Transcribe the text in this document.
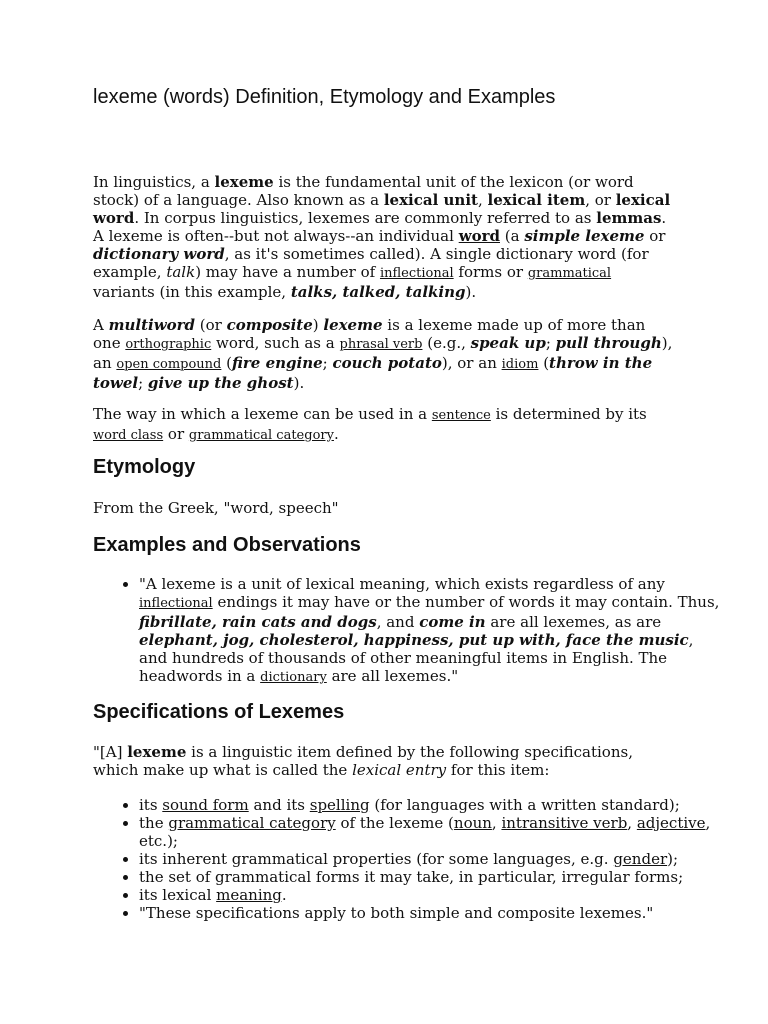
lexeme (words) Definition, Etymology and Examples

In linguistics, a lexeme is the fundamental unit of the lexicon (or word stock) of a language. Also known as a lexical unit, lexical item, or lexical word. In corpus linguistics, lexemes are commonly referred to as lemmas. A lexeme is often--but not always--an individual word (a simple lexeme or dictionary word, as it's sometimes called). A single dictionary word (for example, talk) may have a number of inflectional forms or grammatical variants (in this example, talks, talked, talking).

A multiword (or composite) lexeme is a lexeme made up of more than one orthographic word, such as a phrasal verb (e.g., speak up; pull through), an open compound (fire engine; couch potato), or an idiom (throw in the towel; give up the ghost).

The way in which a lexeme can be used in a sentence is determined by its word class or grammatical category.

Etymology

From the Greek, "word, speech"

Examples and Observations
• "A lexeme is a unit of lexical meaning, which exists regardless of any inflectional endings it may have or the number of words it may contain. Thus, fibrillate, rain cats and dogs, and come in are all lexemes, as are elephant, jog, cholesterol, happiness, put up with, face the music, and hundreds of thousands of other meaningful items in English. The headwords in a dictionary are all lexemes."
Specifications of Lexemes

"[A] lexeme is a linguistic item defined by the following specifications, which make up what is called the lexical entry for this item:

• its sound form and its spelling (for languages with a written standard);
• the grammatical category of the lexeme (noun, intransitive verb, adjective, etc.);
• its inherent grammatical properties (for some languages, e.g. gender);
• the set of grammatical forms it may take, in particular, irregular forms;
• its lexical meaning.
• "These specifications apply to both simple and composite lexemes."
